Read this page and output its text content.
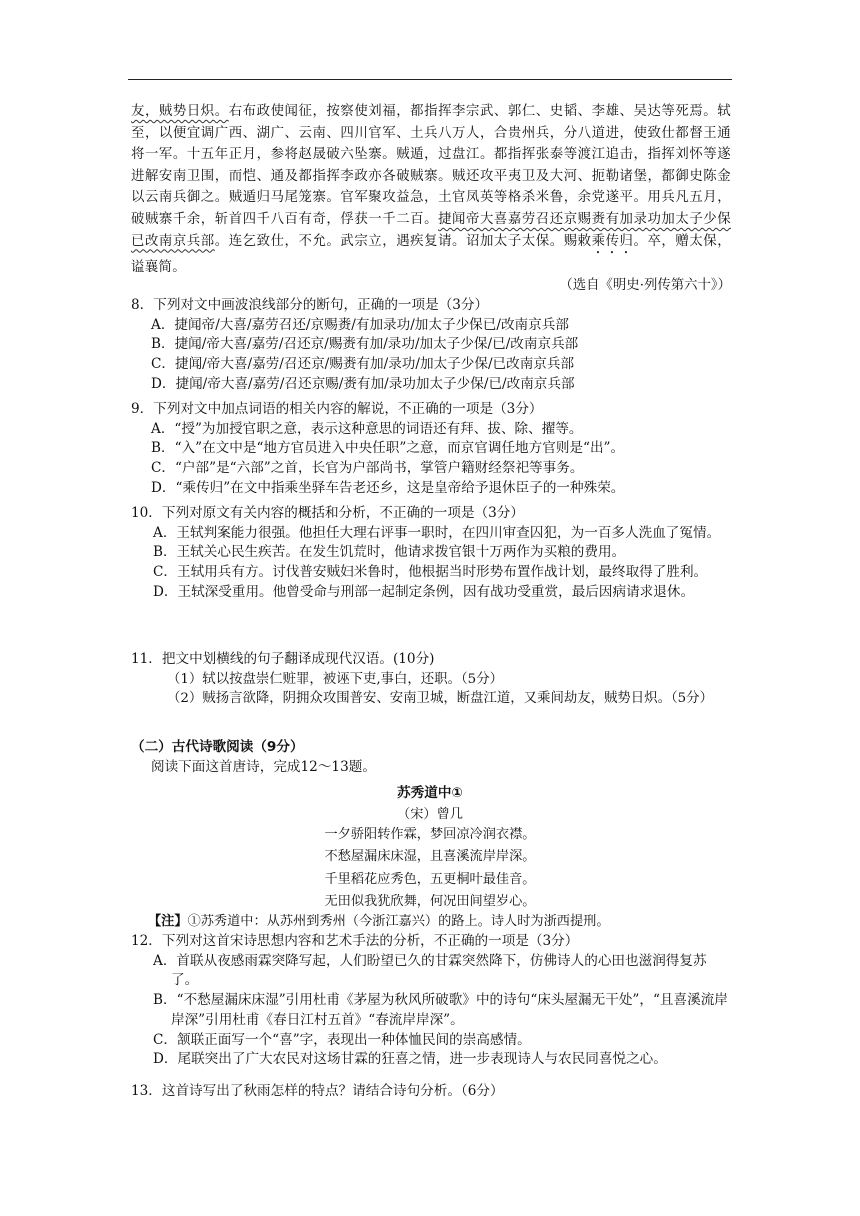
友，贼势日炽。右布政使闻征，按察使刘福，都指挥李宗武、郭仁、史韬、李雄、吴达等死焉。轼至，以便宜调广西、湖广、云南、四川官军、土兵八万人，合贵州兵，分八道进，使致仕都督王通将一军。十五年正月，参将赵晟破六坠寨。贼遁，过盘江。都指挥张泰等渡江追击，指挥刘怀等遂进解安南卫围，而恺、通及都指挥李政亦各破贼寨。贼还攻平夷卫及大河、扼勒诸堡，都御史陈金以云南兵御之。贼遁归马尾笼寨。官军聚攻益急，土官凤英等格杀米鲁，余党遂平。用兵凡五月，破贼寨千余，斩首四千八百有奇，俘获一千二百。捷闻帝大喜嘉劳召还京赐赉有加录功加太子少保已改南京兵部。连乞致仕，不允。武宗立，遇疾复请。诏加太子太保。赐敕乘传归。卒，赠太保，谥襄简。

（选自《明史·列传第六十》）

8．下列对文中画波浪线部分的断句，正确的一项是（3分）

A．捷闻帝/大喜/嘉劳召还/京赐赉/有加录功/加太子少保已/改南京兵部

B．捷闻/帝大喜/嘉劳/召还京/赐赉有加/录功/加太子少保/已/改南京兵部

C．捷闻/帝大喜/嘉劳/召还京/赐赉有加/录功/加太子少保/已改南京兵部

D．捷闻/帝大喜/嘉劳/召还京赐/赉有加/录功加太子少保/已/改南京兵部

9．下列对文中加点词语的相关内容的解说，不正确的一项是（3分）

A．“授”为加授官职之意，表示这种意思的词语还有拜、拔、除、擢等。

B．“入”在文中是“地方官员进入中央任职”之意，而京官调任地方官则是“出”。

C．“户部”是“六部”之首，长官为户部尚书，掌管户籍财经祭祀等事务。

D．“乘传归”在文中指乘坐驿车告老还乡，这是皇帝给予退休臣子的一种殊荣。

10．下列对原文有关内容的概括和分析，不正确的一项是（3分）

A．王轼判案能力很强。他担任大理右评事一职时，在四川审查囚犯，为一百多人洗血了冤情。

B．王轼关心民生疾苦。在发生饥荒时，他请求拨官银十万两作为买粮的费用。

C．王轼用兵有方。讨伐普安贼妇米鲁时，他根据当时形势布置作战计划，最终取得了胜利。

D．王轼深受重用。他曾受命与刑部一起制定条例，因有战功受重赏，最后因病请求退休。

11．把文中划横线的句子翻译成现代汉语。(10分)

（1）轼以按盘崇仁赃罪，被诬下吏,事白，还职。（5分）

（2）贼扬言欲降，阴拥众攻围普安、安南卫城，断盘江道，又乘间劫友，贼势日炽。（5分）

（二）古代诗歌阅读（9分）

阅读下面这首唐诗，完成12～13题。

苏秀道中①
（宋）曾几
一夕骄阳转作霖，梦回凉冷润衣襟。
不愁屋漏床床湿，且喜溪流岸岸深。
千里稻花应秀色，五更桐叶最佳音。
无田似我犹欣舞，何况田间望岁心。
【注】①苏秀道中：从苏州到秀州（今浙江嘉兴）的路上。诗人时为浙西提刑。

12．下列对这首宋诗思想内容和艺术手法的分析，不正确的一项是（3分）

A．首联从夜感雨霖突降写起，人们盼望已久的甘霖突然降下，仿佛诗人的心田也滋润得复苏了。

B．“不愁屋漏床床湿”引用杜甫《茅屋为秋风所破歌》中的诗句“床头屋漏无干处”，“且喜溪流岸岸深”引用杜甫《春日江村五首》“春流岸岸深”。

C．颔联正面写一个“喜”字，表现出一种体恤民间的崇高感情。

D．尾联突出了广大农民对这场甘霖的狂喜之情，进一步表现诗人与农民同喜悦之心。

13．这首诗写出了秋雨怎样的特点？请结合诗句分析。（6分）
